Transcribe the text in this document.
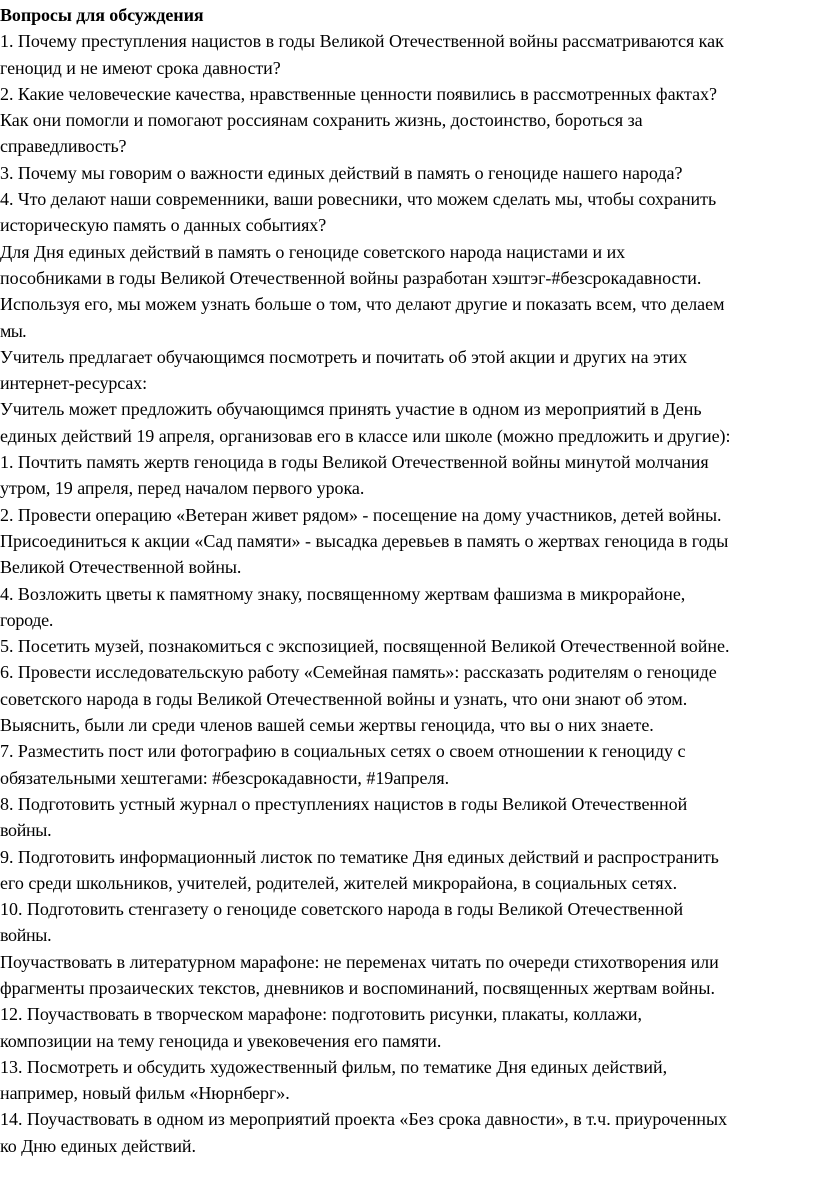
Вопросы для обсуждения
1. Почему преступления нацистов в годы Великой Отечественной войны рассматриваются как
геноцид и не имеют срока давности?
2. Какие человеческие качества, нравственные ценности появились в рассмотренных фактах?
Как они помогли и помогают россиянам сохранить жизнь, достоинство, бороться за
справедливость?
3. Почему мы говорим о важности единых действий в память о геноциде нашего народа?
4. Что делают наши современники, ваши ровесники, что можем сделать мы, чтобы сохранить
историческую память о данных событиях?
Для Дня единых действий в память о геноциде советского народа нацистами и их
пособниками в годы Великой Отечественной войны разработан хэштэг-#безсрокадавности.
Используя его, мы можем узнать больше о том, что делают другие и показать всем, что делаем
мы.
Учитель предлагает обучающимся посмотреть и почитать об этой акции и других на этих
интернет-ресурсах:
Учитель может предложить обучающимся принять участие в одном из мероприятий в День
единых действий 19 апреля, организовав его в классе или школе (можно предложить и другие):
1. Почтить память жертв геноцида в годы Великой Отечественной войны минутой молчания
утром, 19 апреля, перед началом первого урока.
2. Провести операцию «Ветеран живет рядом» - посещение на дому участников, детей войны.
Присоединиться к акции «Сад памяти» - высадка деревьев в память о жертвах геноцида в годы
Великой Отечественной войны.
4. Возложить цветы к памятному знаку, посвященному жертвам фашизма в микрорайоне,
городе.
5. Посетить музей, познакомиться с экспозицией, посвященной Великой Отечественной войне.
6. Провести исследовательскую работу «Семейная память»: рассказать родителям о геноциде
советского народа в годы Великой Отечественной войны и узнать, что они знают об этом.
Выяснить, были ли среди членов вашей семьи жертвы геноцида, что вы о них знаете.
7. Разместить пост или фотографию в социальных сетях о своем отношении к геноциду с
обязательными хештегами: #безсрокадавности, #19апреля.
8. Подготовить устный журнал о преступлениях нацистов в годы Великой Отечественной
войны.
9. Подготовить информационный листок по тематике Дня единых действий и распространить
его среди школьников, учителей, родителей, жителей микрорайона, в социальных сетях.
10. Подготовить стенгазету о геноциде советского народа в годы Великой Отечественной
войны.
Поучаствовать в литературном марафоне: не переменах читать по очереди стихотворения или
фрагменты прозаических текстов, дневников и воспоминаний, посвященных жертвам войны.
12. Поучаствовать в творческом марафоне: подготовить рисунки, плакаты, коллажи,
композиции на тему геноцида и увековечения его памяти.
13. Посмотреть и обсудить художественный фильм, по тематике Дня единых действий,
например, новый фильм «Нюрнберг».
14. Поучаствовать в одном из мероприятий проекта «Без срока давности», в т.ч. приуроченных
ко Дню единых действий.
